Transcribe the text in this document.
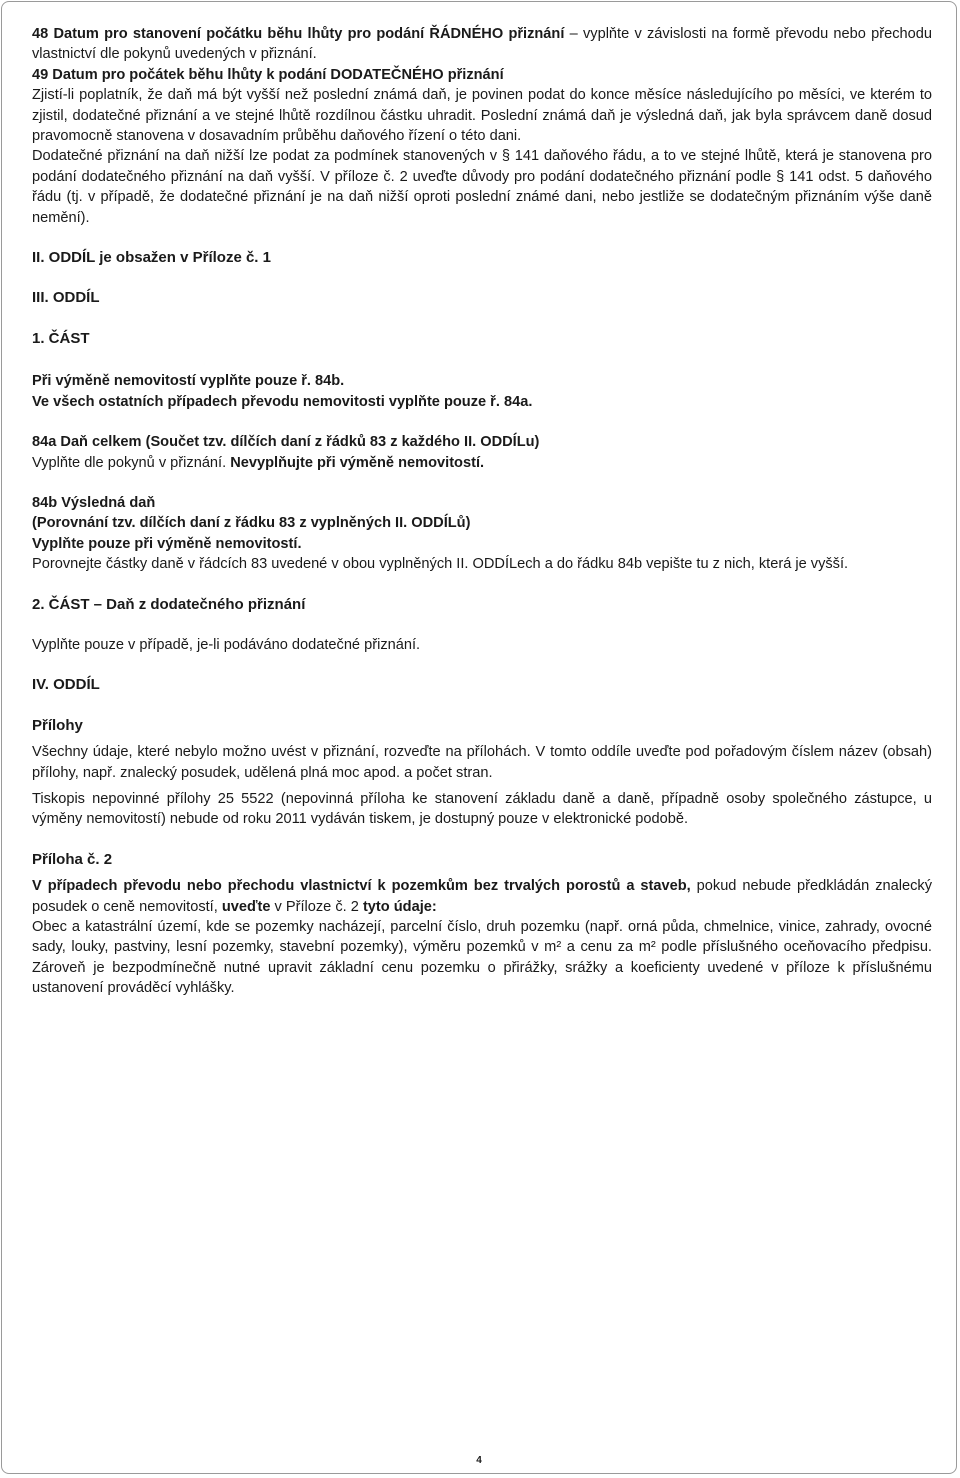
48 Datum pro stanovení počátku běhu lhůty pro podání ŘÁDNÉHO přiznání – vyplňte v závislosti na formě převodu nebo přechodu vlastnictví dle pokynů uvedených v přiznání.

49 Datum pro počátek běhu lhůty k podání DODATEČNÉHO přiznání

Zjistí-li poplatník, že daň má být vyšší než poslední známá daň, je povinen podat do konce měsíce následujícího po měsíci, ve kterém to zjistil, dodatečné přiznání a ve stejné lhůtě rozdílnou částku uhradit. Poslední známá daň je výsledná daň, jak byla správcem daně dosud pravomocně stanovena v dosavadním průběhu daňového řízení o této dani.

Dodatečné přiznání na daň nižší lze podat za podmínek stanovených v § 141 daňového řádu, a to ve stejné lhůtě, která je stanovena pro podání dodatečného přiznání na daň vyšší. V příloze č. 2 uveďte důvody pro podání dodatečného přiznání podle § 141 odst. 5 daňového řádu (tj. v případě, že dodatečné přiznání je na daň nižší oproti poslední známé dani, nebo jestliže se dodatečným přiznáním výše daně nemění).

II. ODDÍL je obsažen v Příloze č. 1

III. ODDÍL

1. ČÁST

Při výměně nemovitostí vyplňte pouze ř. 84b.

Ve všech ostatních případech převodu nemovitosti vyplňte pouze ř. 84a.

84a Daň celkem (Součet tzv. dílčích daní z řádků 83 z každého II. ODDÍLu)

Vyplňte dle pokynů v přiznání. Nevyplňujte při výměně nemovitostí.

84b Výsledná daň

(Porovnání tzv. dílčích daní z řádku 83 z vyplněných II. ODDÍLů)

Vyplňte pouze při výměně nemovitostí.

Porovnejte částky daně v řádcích 83 uvedené v obou vyplněných II. ODDÍLech a do řádku 84b vepište tu z nich, která je vyšší.

2. ČÁST – Daň z dodatečného přiznání

Vyplňte pouze v případě, je-li podáváno dodatečné přiznání.

IV. ODDÍL

Přílohy

Všechny údaje, které nebylo možno uvést v přiznání, rozveďte na přílohách. V tomto oddíle uveďte pod pořadovým číslem název (obsah) přílohy, např. znalecký posudek, udělená plná moc apod. a počet stran.

Tiskopis nepovinné přílohy 25 5522 (nepovinná příloha ke stanovení základu daně a daně, případně osoby společného zástupce, u výměny nemovitostí) nebude od roku 2011 vydáván tiskem, je dostupný pouze v elektronické podobě.

Příloha č. 2

V případech převodu nebo přechodu vlastnictví k pozemkům bez trvalých porostů a staveb, pokud nebude předkládán znalecký posudek o ceně nemovitostí, uveďte v Příloze č. 2 tyto údaje:

Obec a katastrální území, kde se pozemky nacházejí, parcelní číslo, druh pozemku (např. orná půda, chmelnice, vinice, zahrady, ovocné sady, louky, pastviny, lesní pozemky, stavební pozemky), výměru pozemků v m² a cenu za m² podle příslušného oceňovacího předpisu. Zároveň je bezpodmínečně nutné upravit základní cenu pozemku o přirážky, srážky a koeficienty uvedené v příloze k příslušnému ustanovení prováděcí vyhlášky.

4
